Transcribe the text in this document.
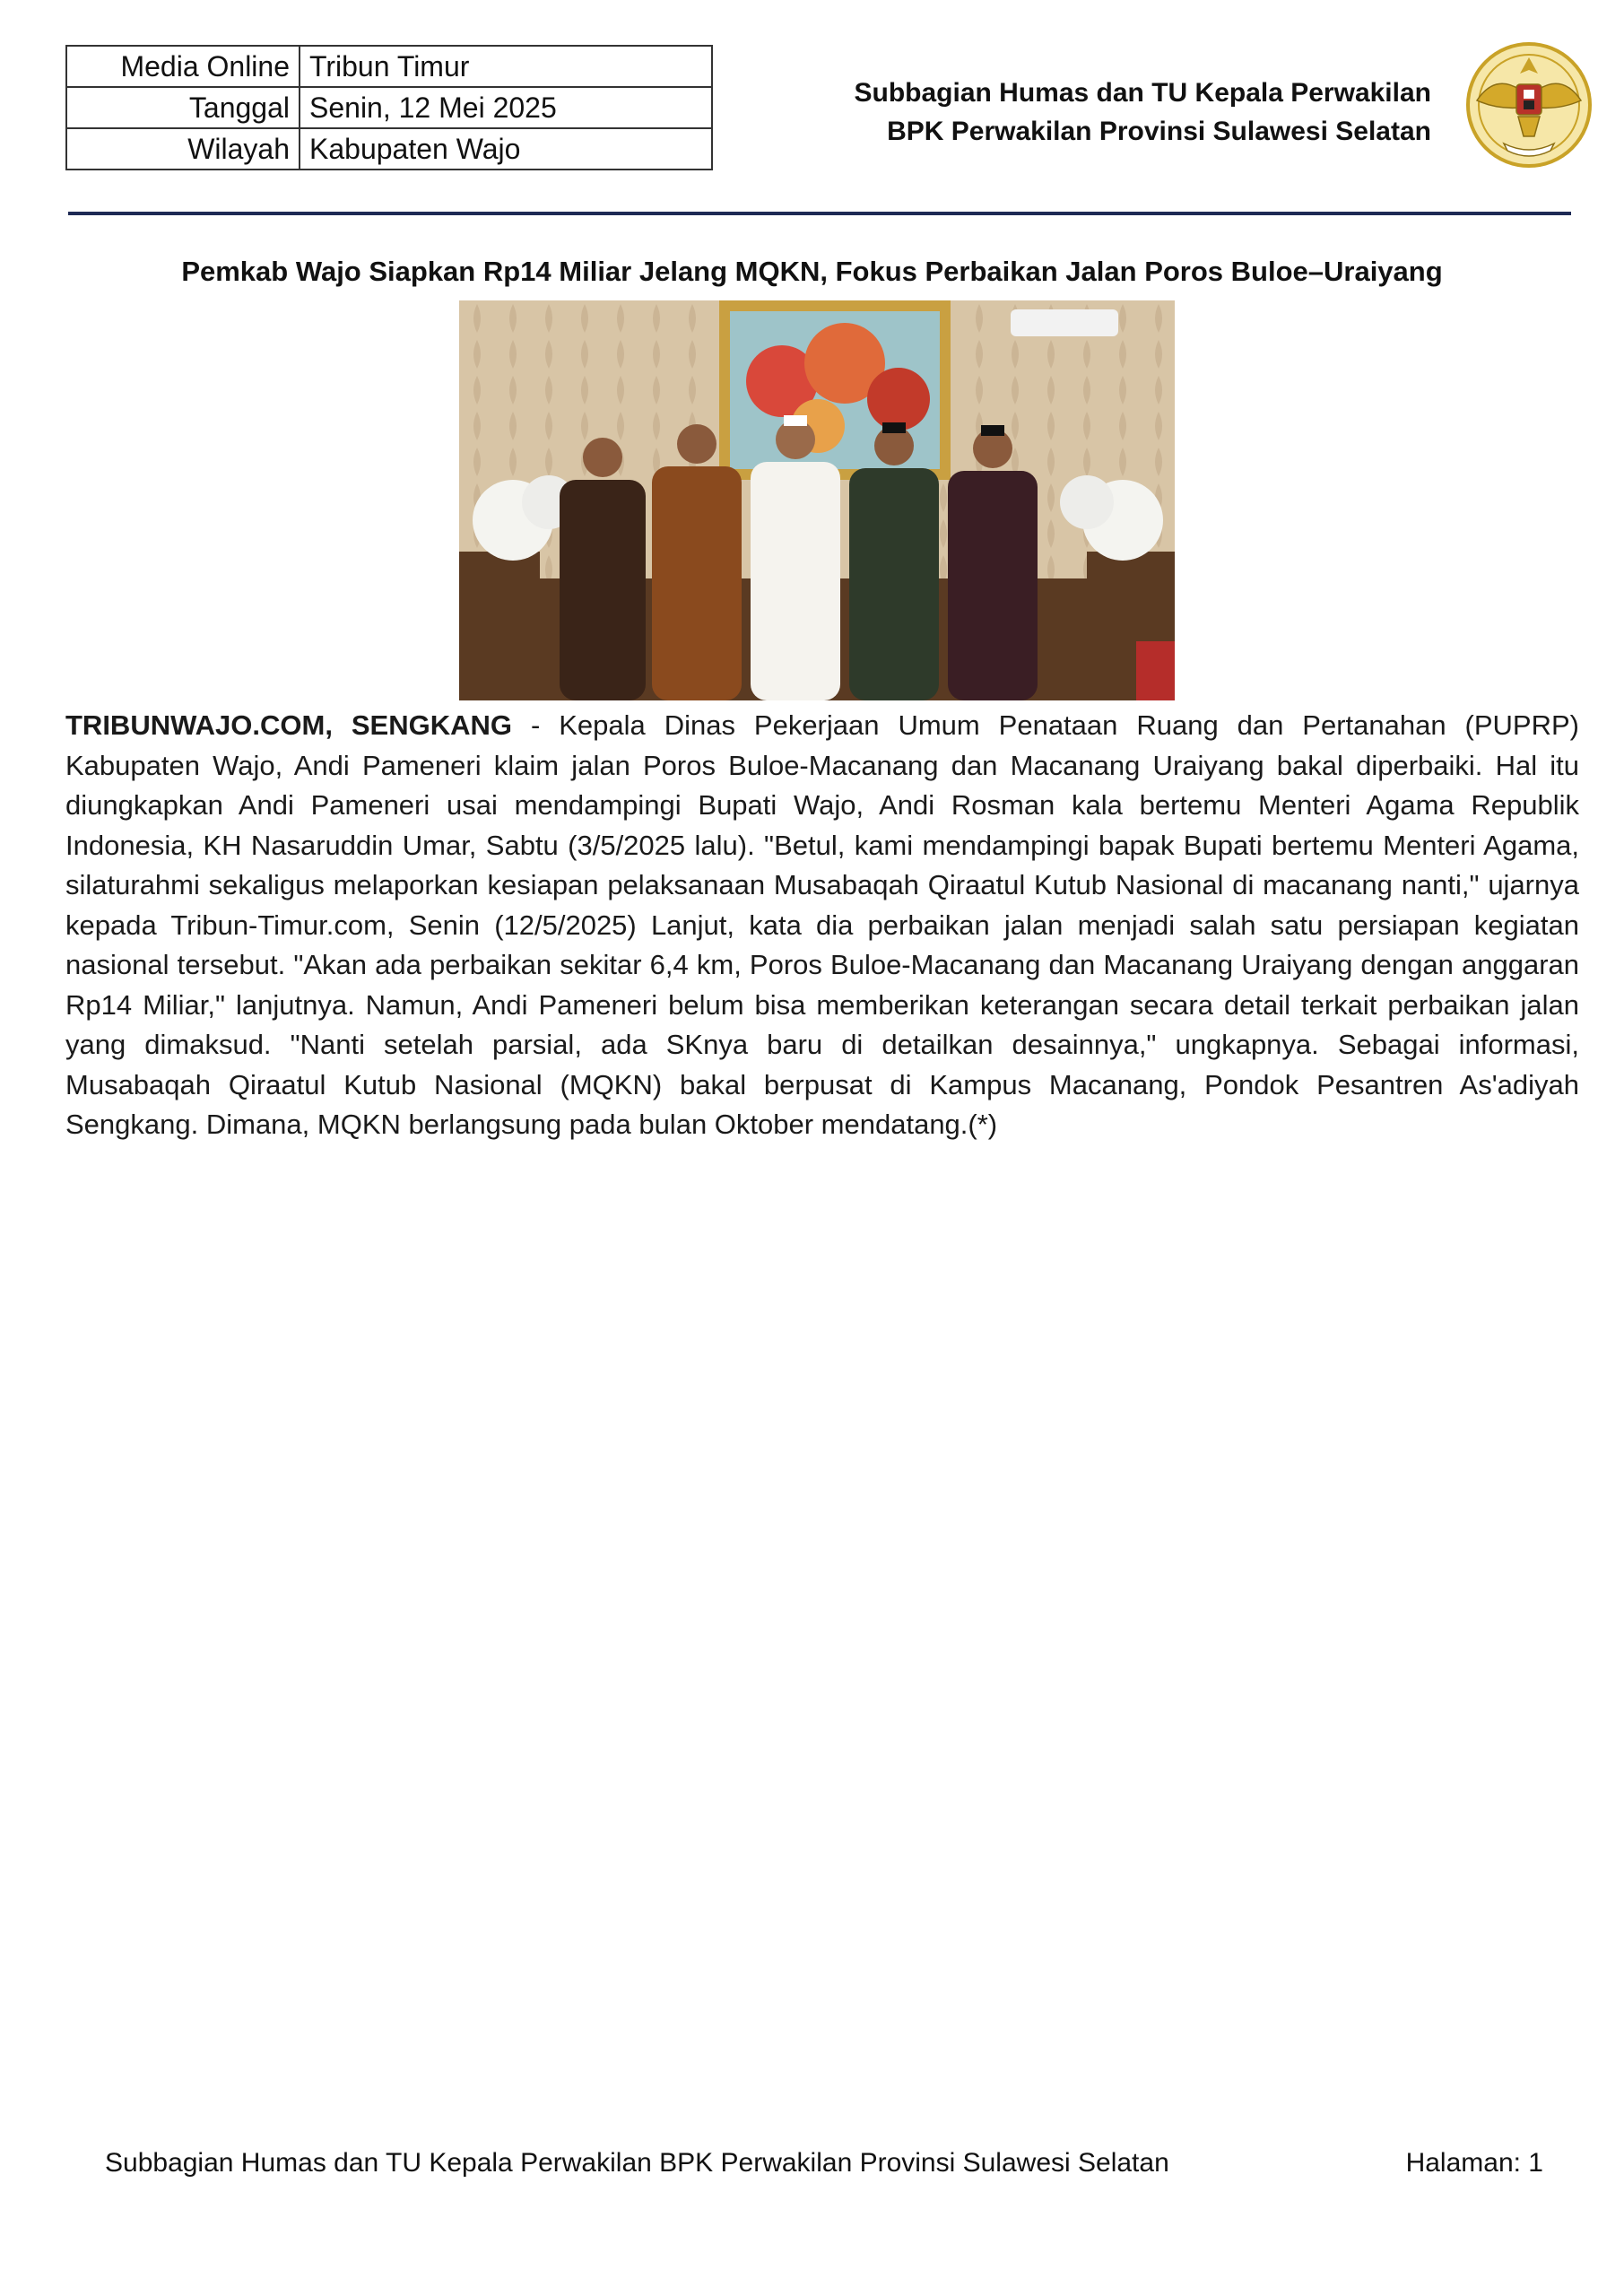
Media Online	Tribun Timur
Tanggal	Senin, 12 Mei 2025
Wilayah	Kabupaten Wajo
Subbagian Humas dan TU Kepala Perwakilan
BPK Perwakilan Provinsi Sulawesi Selatan
Pemkab Wajo Siapkan Rp14 Miliar Jelang MQKN, Fokus Perbaikan Jalan Poros Buloe–Uraiyang
TRIBUNWAJO.COM, SENGKANG - Kepala Dinas Pekerjaan Umum Penataan Ruang dan Pertanahan (PUPRP) Kabupaten Wajo, Andi Pameneri klaim jalan Poros Buloe-Macanang dan Macanang Uraiyang bakal diperbaiki. Hal itu diungkapkan Andi Pameneri usai mendampingi Bupati Wajo, Andi Rosman kala bertemu Menteri Agama Republik Indonesia, KH Nasaruddin Umar, Sabtu (3/5/2025 lalu). "Betul, kami mendampingi bapak Bupati bertemu Menteri Agama, silaturahmi sekaligus melaporkan kesiapan pelaksanaan Musabaqah Qiraatul Kutub Nasional di macanang nanti," ujarnya kepada Tribun-Timur.com, Senin (12/5/2025) Lanjut, kata dia perbaikan jalan menjadi salah satu persiapan kegiatan nasional tersebut. "Akan ada perbaikan sekitar 6,4 km, Poros Buloe-Macanang dan Macanang Uraiyang dengan anggaran Rp14 Miliar," lanjutnya. Namun, Andi Pameneri belum bisa memberikan keterangan secara detail terkait perbaikan jalan yang dimaksud. "Nanti setelah parsial, ada SKnya baru di detailkan desainnya," ungkapnya. Sebagai informasi, Musabaqah Qiraatul Kutub Nasional (MQKN) bakal berpusat di Kampus Macanang, Pondok Pesantren As'adiyah Sengkang. Dimana, MQKN berlangsung pada bulan Oktober mendatang.(*)
Subbagian Humas dan TU Kepala Perwakilan BPK Perwakilan Provinsi Sulawesi Selatan	Halaman: 1
